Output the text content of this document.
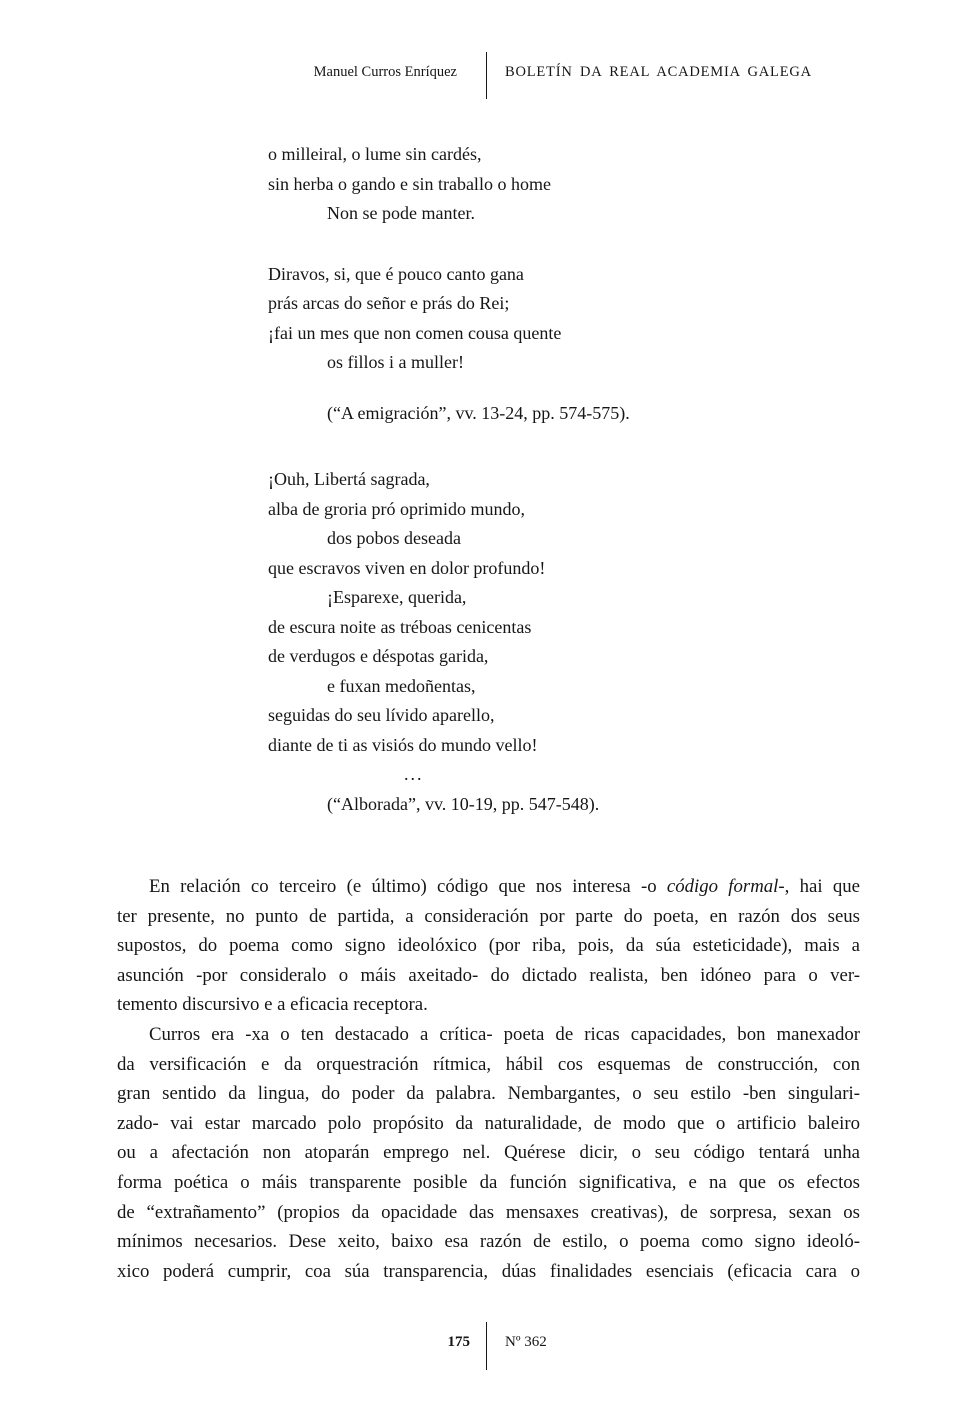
Manuel Curros Enríquez	BOLETÍN DA REAL ACADEMIA GALEGA
o milleiral, o lume sin cardés,
sin herba o gando e sin traballo o home
Non se pode manter.
Diravos, si, que é pouco canto gana
prás arcas do señor e prás do Rei;
¡fai un mes que non comen cousa quente
os fillos i a muller!
(“A emigración”, vv. 13-24, pp. 574-575).
¡Ouh, Libertá sagrada,
alba de groria pró oprimido mundo,
dos pobos deseada
que escravos viven en dolor profundo!
¡Esparexe, querida,
de escura noite as tréboas cenicentas
de verdugos e déspotas garida,
e fuxan medoñentas,
seguidas do seu lívido aparello,
diante de ti as visiós do mundo vello!
...
(“Alborada”, vv. 10-19, pp. 547-548).
En relación co terceiro (e último) código que nos interesa -o código formal-, hai que
ter presente, no punto de partida, a consideración por parte do poeta, en razón dos seus
supostos, do poema como signo ideolóxico (por riba, pois, da súa esteticidade), mais a
asunción -por consideralo o máis axeitado- do dictado realista, ben idóneo para o ver-
temento discursivo e a eficacia receptora.
Curros era -xa o ten destacado a crítica- poeta de ricas capacidades, bon manexador
da versificación e da orquestración rítmica, hábil cos esquemas de construcción, con
gran sentido da lingua, do poder da palabra. Nembargantes, o seu estilo -ben singulari-
zado- vai estar marcado polo propósito da naturalidade, de modo que o artificio baleiro
ou a afectación non atoparán emprego nel. Quérese dicir, o seu código tentará unha
forma poética o máis transparente posible da función significativa, e na que os efectos
de “extrañamento” (propios da opacidade das mensaxes creativas), de sorpresa, sexan os
mínimos necesarios. Dese xeito, baixo esa razón de estilo, o poema como signo ideoló-
xico poderá cumprir, coa súa transparencia, dúas finalidades esenciais (eficacia cara o
175 Nº 362
